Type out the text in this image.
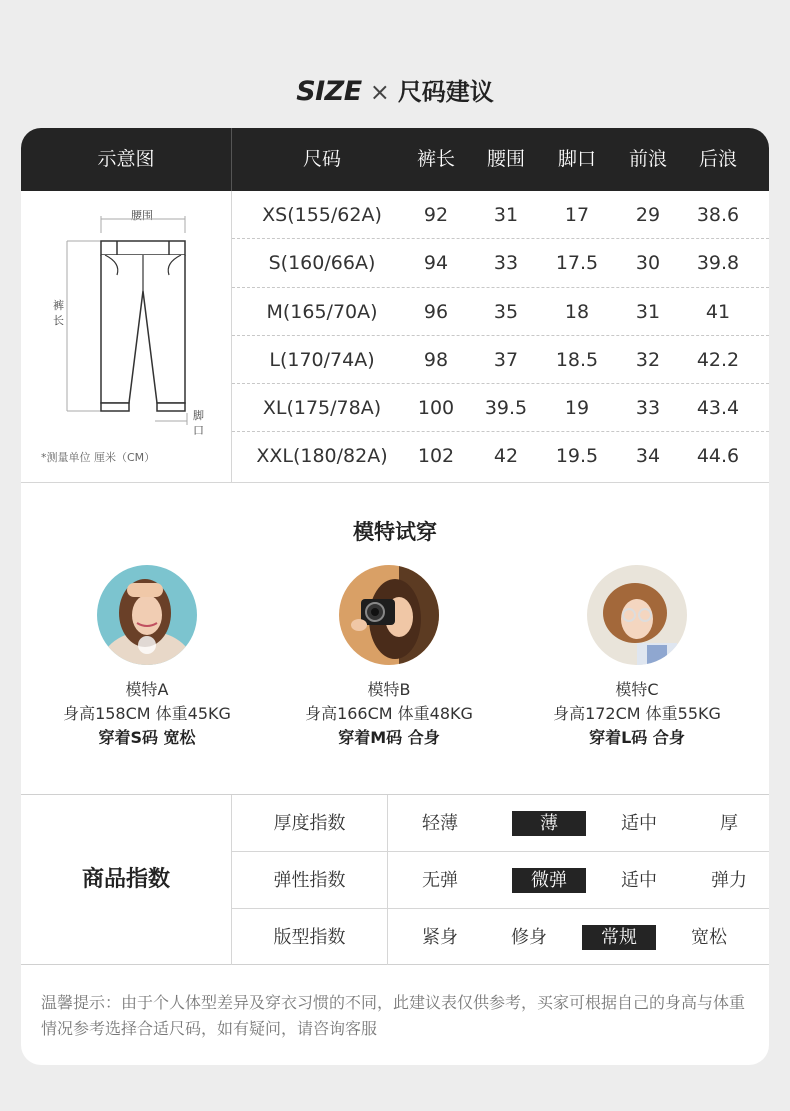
SIZE × 尺码建议
示意图	尺码	裤长	腰围	脚口	前浪	后浪
腰围
裤
长
脚
口
*测量单位 厘米（CM）
XS(155/62A)	92	31	17	29	38.6
S(160/66A)	94	33	17.5	30	39.8
M(165/70A)	96	35	18	31	41
L(170/74A)	98	37	18.5	32	42.2
XL(175/78A)	100	39.5	19	33	43.4
XXL(180/82A)	102	42	19.5	34	44.6
模特试穿
模特A
身高158CM 体重45KG
穿着S码 宽松
模特B
身高166CM 体重48KG
穿着M码 合身
模特C
身高172CM 体重55KG
穿着L码 合身
商品指数
厚度指数	轻薄	薄	适中	厚
弹性指数	无弹	微弹	适中	弹力
版型指数	紧身	修身	常规	宽松
温馨提示：由于个人体型差异及穿衣习惯的不同，此建议表仅供参考，买家可根据自己的身高与体重情况参考选择合适尺码，如有疑问，请咨询客服
